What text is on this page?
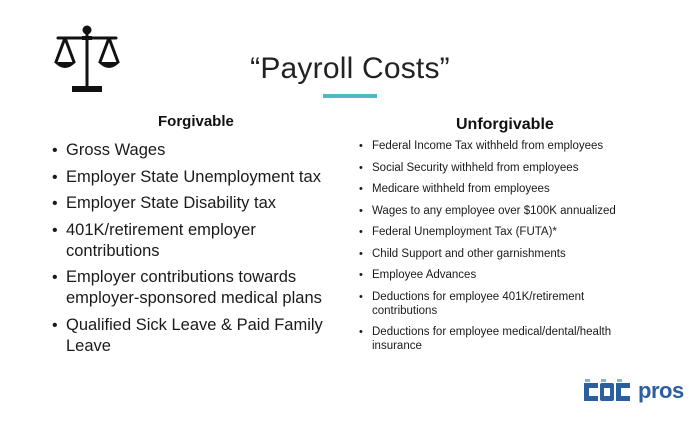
“Payroll Costs”
Forgivable	Unforgivable
• Gross Wages
• Employer State Unemployment tax
• Employer State Disability tax
• 401K/retirement employer contributions
• Employer contributions towards employer-sponsored medical plans
• Qualified Sick Leave & Paid Family Leave
• Federal Income Tax withheld from employees
• Social Security withheld from employees
• Medicare withheld from employees
• Wages to any employee over $100K annualized
• Federal Unemployment Tax (FUTA)*
• Child Support and other garnishments
• Employee Advances
• Deductions for employee 401K/retirement contributions
• Deductions for employee medical/dental/health insurance
pros
